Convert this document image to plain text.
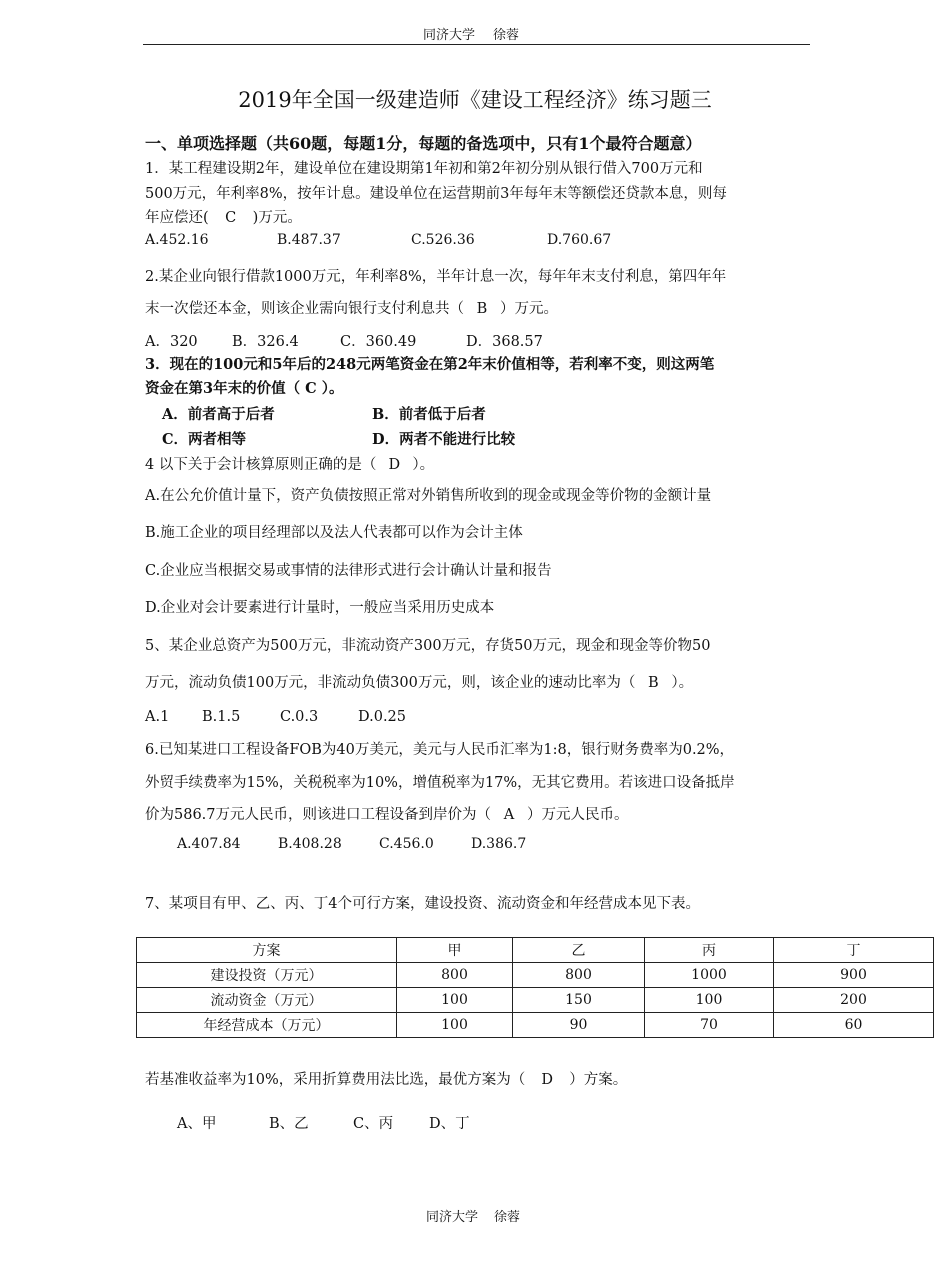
同济大学 徐蓉
2019年全国一级建造师《建设工程经济》练习题三
一、单项选择题（共60题，每题1分，每题的备选项中，只有1个最符合题意）
1．某工程建设期2年，建设单位在建设期第1年初和第2年初分别从银行借入700万元和
500万元，年利率8%，按年计息。建设单位在运营期前3年每年末等额偿还贷款本息，则每
年应偿还( C )万元。
A.452.16	B.487.37	C.526.36	D.760.67
2.某企业向银行借款1000万元，年利率8%，半年计息一次，每年年末支付利息，第四年年
末一次偿还本金，则该企业需向银行支付利息共（ B ）万元。
A．320 B．326.4	C．360.49	D．368.57
3．现在的100元和5年后的248元两笔资金在第2年末价值相等，若利率不变，则这两笔
资金在第3年末的价值（ C ）。
A．前者高于后者	B．前者低于后者
C．两者相等	D．两者不能进行比较
4 以下关于会计核算原则正确的是（ D ）。
A.在公允价值计量下，资产负债按照正常对外销售所收到的现金或现金等价物的金额计量
B.施工企业的项目经理部以及法人代表都可以作为会计主体
C.企业应当根据交易或事情的法律形式进行会计确认计量和报告
D.企业对会计要素进行计量时，一般应当采用历史成本
5、某企业总资产为500万元，非流动资产300万元，存货50万元，现金和现金等价物50
万元，流动负债100万元，非流动负债300万元，则，该企业的速动比率为（ B ）。
A.1 B.1.5	C.0.3	D.0.25
6.已知某进口工程设备FOB为40万美元，美元与人民币汇率为1:8，银行财务费率为0.2%，
外贸手续费率为15%，关税税率为10%，增值税率为17%，无其它费用。若该进口设备抵岸
价为586.7万元人民币，则该进口工程设备到岸价为（ A ）万元人民币。
A.407.84	B.408.28	C.456.0	D.386.7
7、某项目有甲、乙、丙、丁4个可行方案，建设投资、流动资金和年经营成本见下表。
方案	甲	乙	丙	丁
建设投资（万元）	800	800	1000	900
流动资金（万元）	100	150	100	200
年经营成本（万元）	100	90	70	60
若基准收益率为10%，采用折算费用法比选，最优方案为（ D ）方案。
A、甲	B、乙	C、丙 D、丁
同济大学 徐蓉
